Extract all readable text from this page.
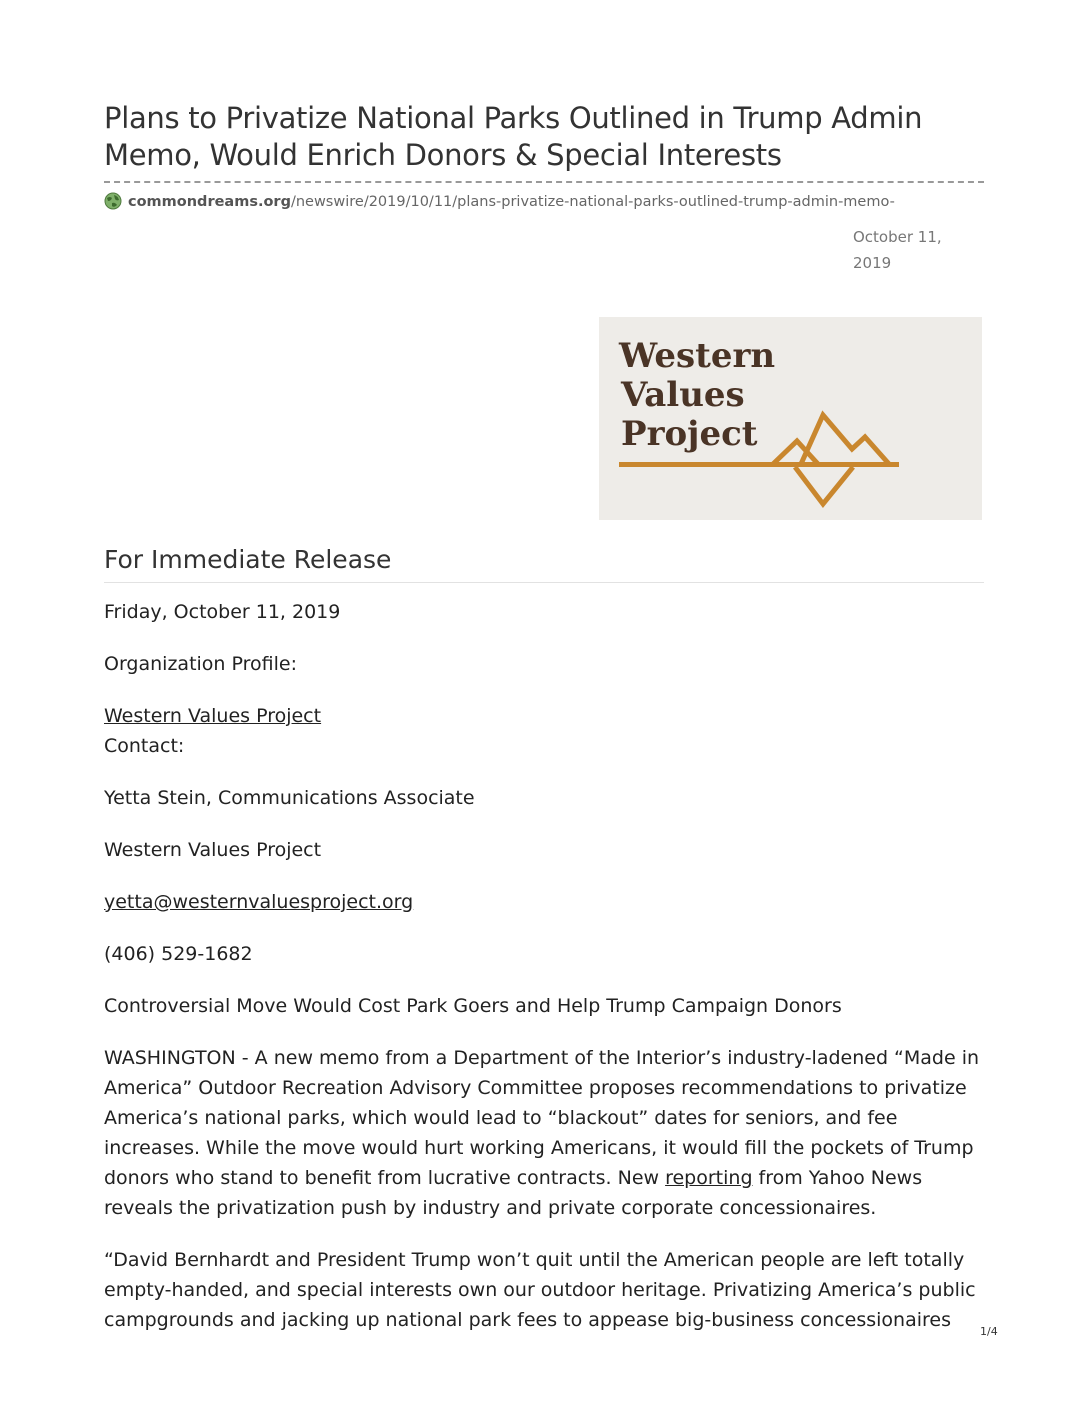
Plans to Privatize National Parks Outlined in Trump Admin Memo, Would Enrich Donors & Special Interests
commondreams.org/newswire/2019/10/11/plans-privatize-national-parks-outlined-trump-admin-memo-
October 11, 2019
Western
Values
Project
For Immediate Release

Friday, October 11, 2019

Organization Profile:

Western Values Project

Contact:

Yetta Stein, Communications Associate

Western Values Project

yetta@westernvaluesproject.org

(406) 529-1682

Controversial Move Would Cost Park Goers and Help Trump Campaign Donors

WASHINGTON - A new memo from a Department of the Interior’s industry-ladened “Made in America” Outdoor Recreation Advisory Committee proposes recommendations to privatize America’s national parks, which would lead to “blackout” dates for seniors, and fee increases. While the move would hurt working Americans, it would fill the pockets of Trump donors who stand to benefit from lucrative contracts. New reporting from Yahoo News reveals the privatization push by industry and private corporate concessionaires.

“David Bernhardt and President Trump won’t quit until the American people are left totally empty-handed, and special interests own our outdoor heritage. Privatizing America’s public campgrounds and jacking up national park fees to appease big-business concessionaires

1/4
